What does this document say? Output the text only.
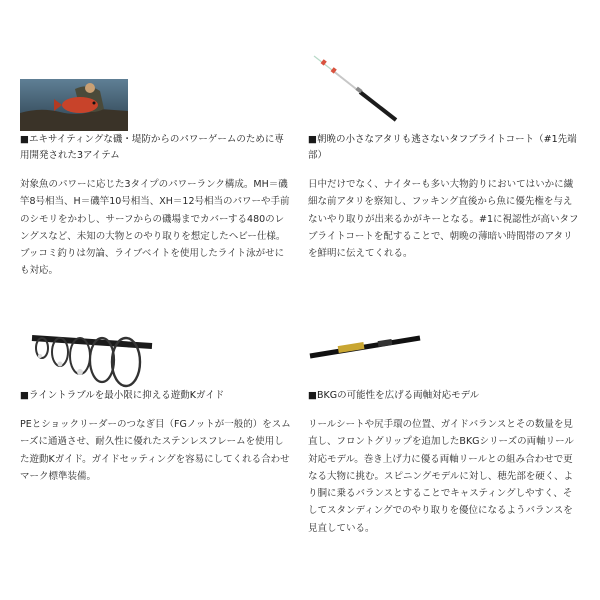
■エキサイティングな磯・堤防からのパワーゲームのために専用開発された3アイテム

対象魚のパワーに応じた3タイプのパワーランク構成。MH＝磯竿8号相当、H＝磯竿10号相当、XH＝12号相当のパワーや手前のシモリをかわし、サーフからの磯場までカバーする480のレングスなど、未知の大物とのやり取りを想定したヘビー仕様。ブッコミ釣りは勿論、ライブベイトを使用したライト泳がせにも対応。

■朝晩の小さなアタリも逃さないタフブライトコート（#1先端部）

日中だけでなく、ナイターも多い大物釣りにおいてはいかに繊細な前アタリを察知し、フッキング直後から魚に優先権を与えないやり取りが出来るかがキーとなる。#1に視認性が高いタフブライトコートを配することで、朝晩の薄暗い時間帯のアタリを鮮明に伝えてくれる。

■ライントラブルを最小限に抑える遊動Kガイド

PEとショックリーダーのつなぎ目（FGノットが一般的）をスムーズに通過させ、耐久性に優れたステンレスフレームを使用した遊動Kガイド。ガイドセッティングを容易にしてくれる合わせマーク標準装備。

■BKGの可能性を広げる両軸対応モデル

リールシートや尻手環の位置、ガイドバランスとその数量を見直し、フロントグリップを追加したBKGシリーズの両軸リール対応モデル。巻き上げ力に優る両軸リールとの組み合わせで更なる大物に挑む。スピニングモデルに対し、穂先部を硬く、より胴に乗るバランスとすることでキャスティングしやすく、そしてスタンディングでのやり取りを優位になるようバランスを見直している。
